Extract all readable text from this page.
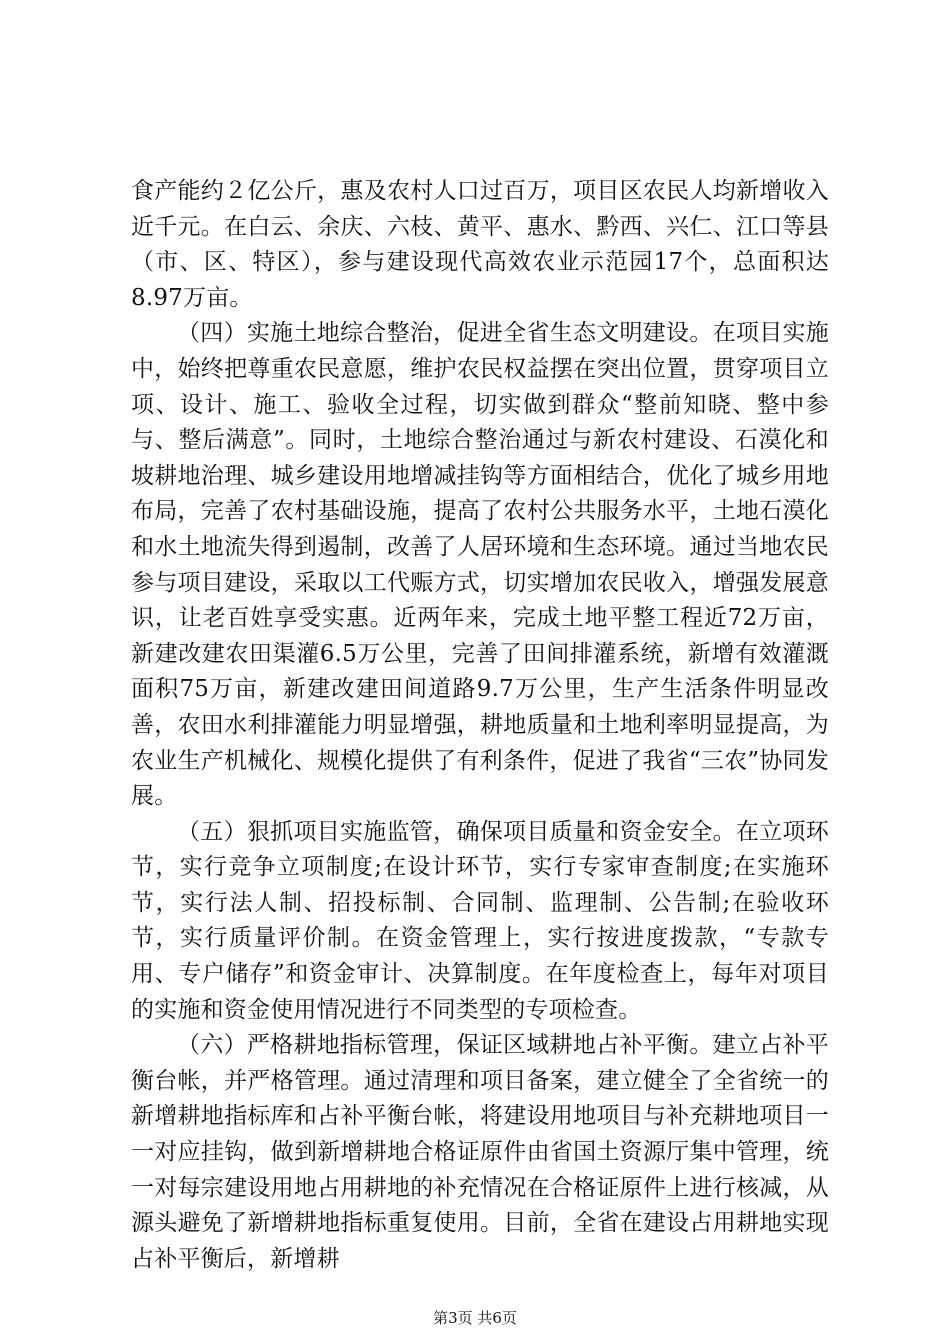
食产能约２亿公斤，惠及农村人口过百万，项目区农民人均新增收入近千元。在白云、余庆、六枝、黄平、惠水、黔西、兴仁、江口等县（市、区、特区），参与建设现代高效农业示范园17个，总面积达8.97万亩。

（四）实施土地综合整治，促进全省生态文明建设。在项目实施中，始终把尊重农民意愿，维护农民权益摆在突出位置，贯穿项目立项、设计、施工、验收全过程，切实做到群众“整前知晓、整中参与、整后满意”。同时，土地综合整治通过与新农村建设、石漠化和坡耕地治理、城乡建设用地增减挂钩等方面相结合，优化了城乡用地布局，完善了农村基础设施，提高了农村公共服务水平，土地石漠化和水土地流失得到遏制，改善了人居环境和生态环境。通过当地农民参与项目建设，采取以工代赈方式，切实增加农民收入，增强发展意识，让老百姓享受实惠。近两年来，完成土地平整工程近72万亩，新建改建农田渠灌6.5万公里，完善了田间排灌系统，新增有效灌溉面积75万亩，新建改建田间道路9.7万公里，生产生活条件明显改善，农田水利排灌能力明显增强，耕地质量和土地利率明显提高，为农业生产机械化、规模化提供了有利条件，促进了我省“三农”协同发展。

（五）狠抓项目实施监管，确保项目质量和资金安全。在立项环节，实行竞争立项制度;在设计环节，实行专家审查制度;在实施环节，实行法人制、招投标制、合同制、监理制、公告制;在验收环节，实行质量评价制。在资金管理上，实行按进度拨款，“专款专用、专户储存”和资金审计、决算制度。在年度检查上，每年对项目的实施和资金使用情况进行不同类型的专项检查。

（六）严格耕地指标管理，保证区域耕地占补平衡。建立占补平衡台帐，并严格管理。通过清理和项目备案，建立健全了全省统一的新增耕地指标库和占补平衡台帐，将建设用地项目与补充耕地项目一一对应挂钩，做到新增耕地合格证原件由省国土资源厅集中管理，统一对每宗建设用地占用耕地的补充情况在合格证原件上进行核减，从源头避免了新增耕地指标重复使用。目前，全省在建设占用耕地实现占补平衡后，新增耕

第3页 共6页
